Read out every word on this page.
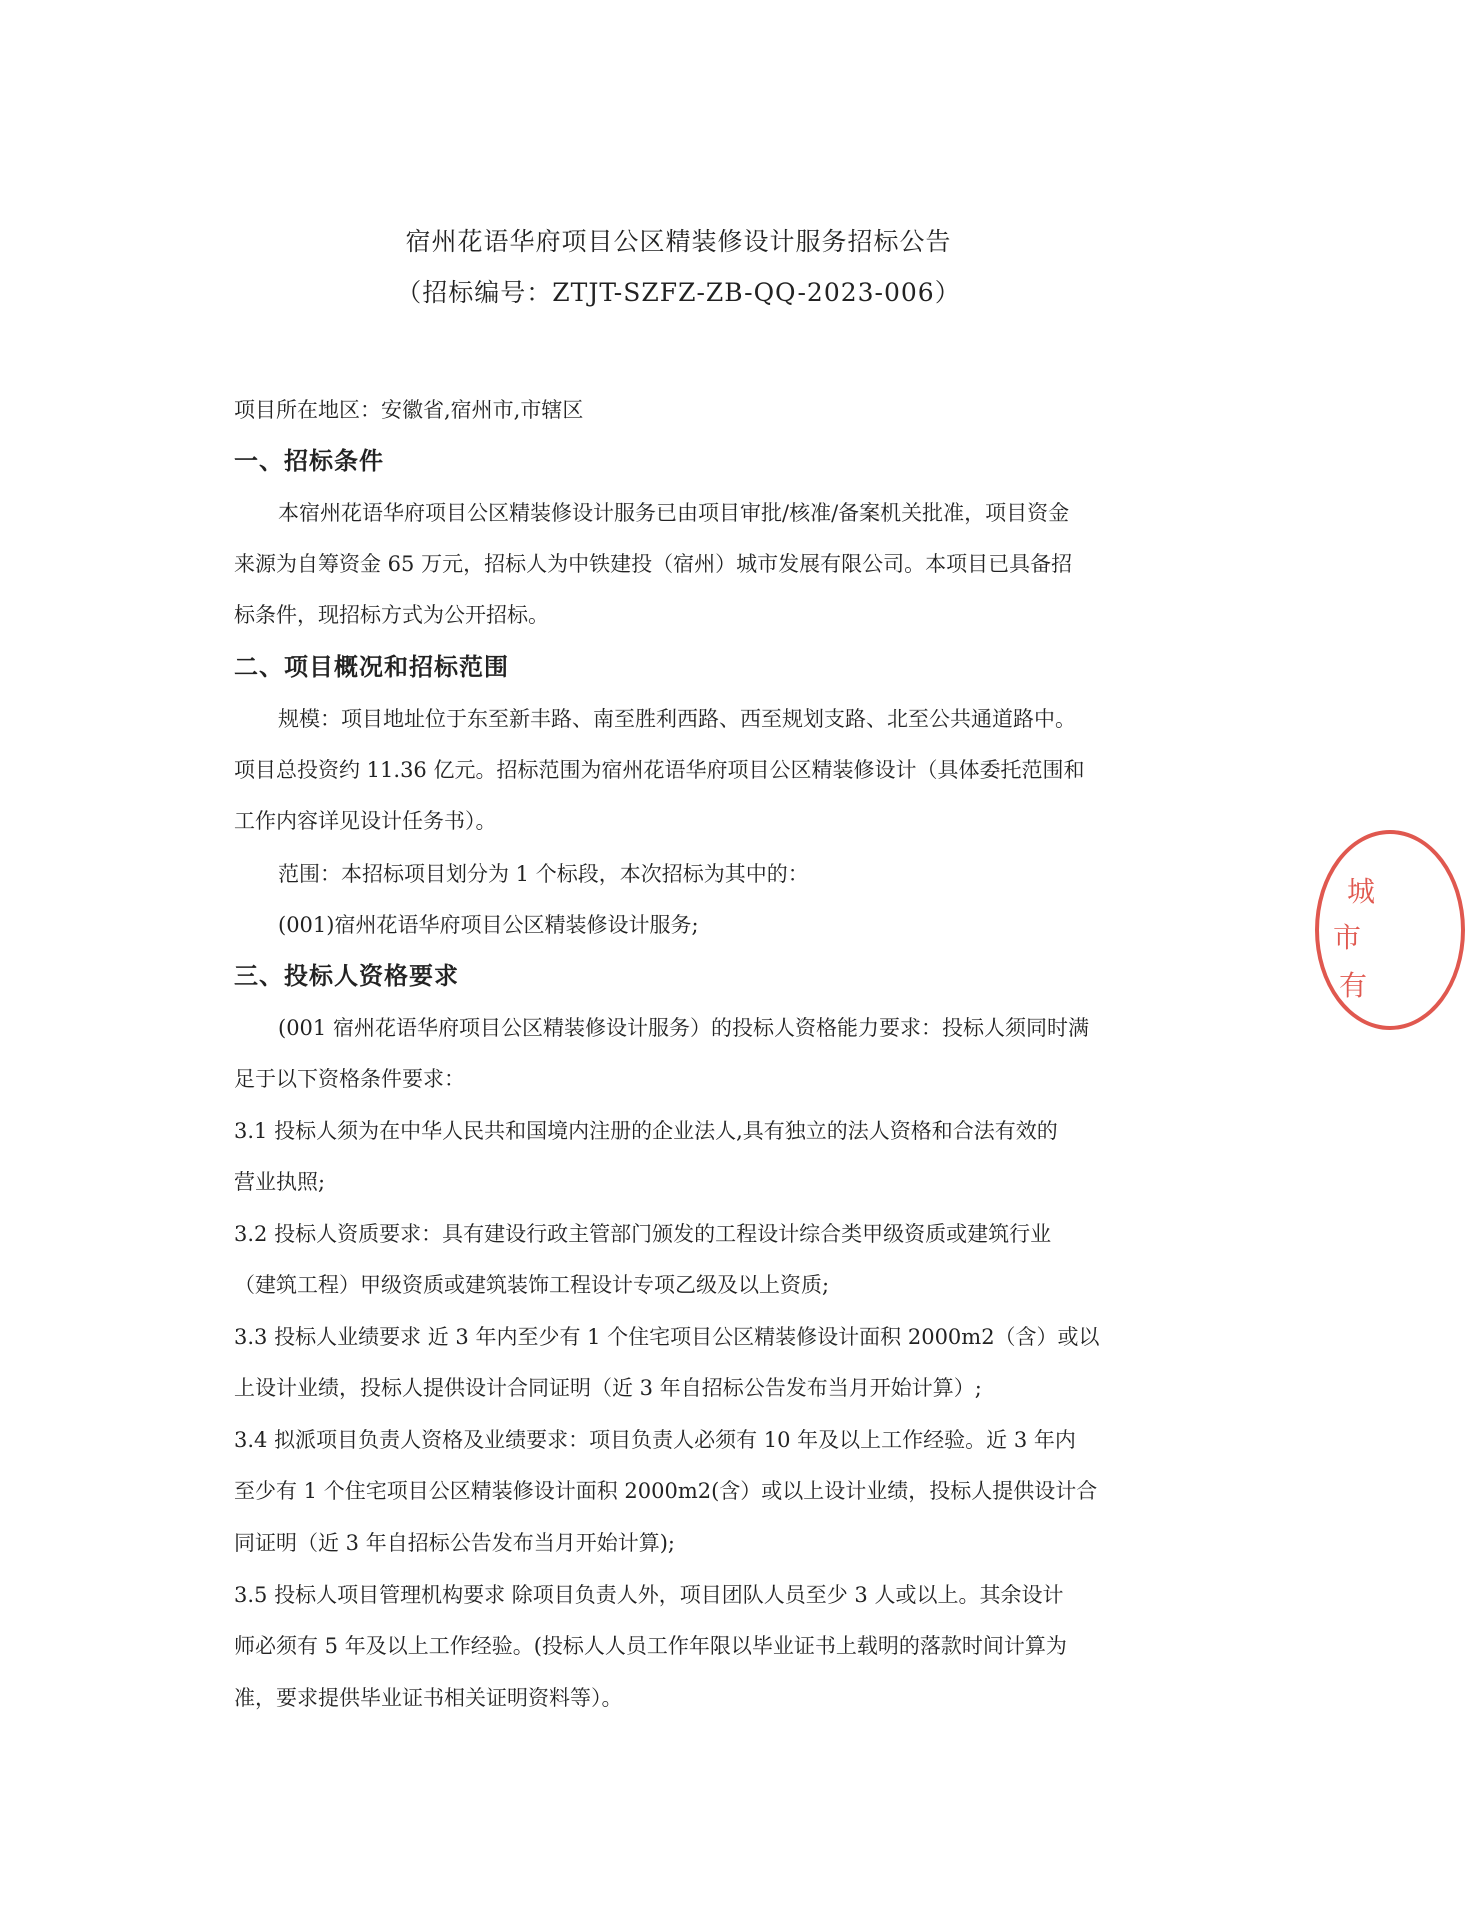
宿州花语华府项目公区精装修设计服务招标公告
（招标编号：ZTJT-SZFZ-ZB-QQ-2023-006）
项目所在地区：安徽省,宿州市,市辖区
一、招标条件
本宿州花语华府项目公区精装修设计服务已由项目审批/核准/备案机关批准，项目资金
来源为自筹资金 65 万元，招标人为中铁建投（宿州）城市发展有限公司。本项目已具备招
标条件，现招标方式为公开招标。
二、项目概况和招标范围
规模：项目地址位于东至新丰路、南至胜利西路、西至规划支路、北至公共通道路中。
项目总投资约 11.36 亿元。招标范围为宿州花语华府项目公区精装修设计（具体委托范围和
工作内容详见设计任务书）。
范围：本招标项目划分为 1 个标段，本次招标为其中的：
(001)宿州花语华府项目公区精装修设计服务;
三、投标人资格要求
(001 宿州花语华府项目公区精装修设计服务）的投标人资格能力要求：投标人须同时满
足于以下资格条件要求：
3.1 投标人须为在中华人民共和国境内注册的企业法人,具有独立的法人资格和合法有效的
营业执照;
3.2 投标人资质要求：具有建设行政主管部门颁发的工程设计综合类甲级资质或建筑行业
（建筑工程）甲级资质或建筑装饰工程设计专项乙级及以上资质;
3.3 投标人业绩要求 近 3 年内至少有 1 个住宅项目公区精装修设计面积 2000m2（含）或以
上设计业绩，投标人提供设计合同证明（近 3 年自招标公告发布当月开始计算）;
3.4 拟派项目负责人资格及业绩要求：项目负责人必须有 10 年及以上工作经验。近 3 年内
至少有 1 个住宅项目公区精装修设计面积 2000m2(含）或以上设计业绩，投标人提供设计合
同证明（近 3 年自招标公告发布当月开始计算);
3.5 投标人项目管理机构要求 除项目负责人外，项目团队人员至少 3 人或以上。其余设计
师必须有 5 年及以上工作经验。(投标人人员工作年限以毕业证书上载明的落款时间计算为
准，要求提供毕业证书相关证明资料等）。
城
市
有
